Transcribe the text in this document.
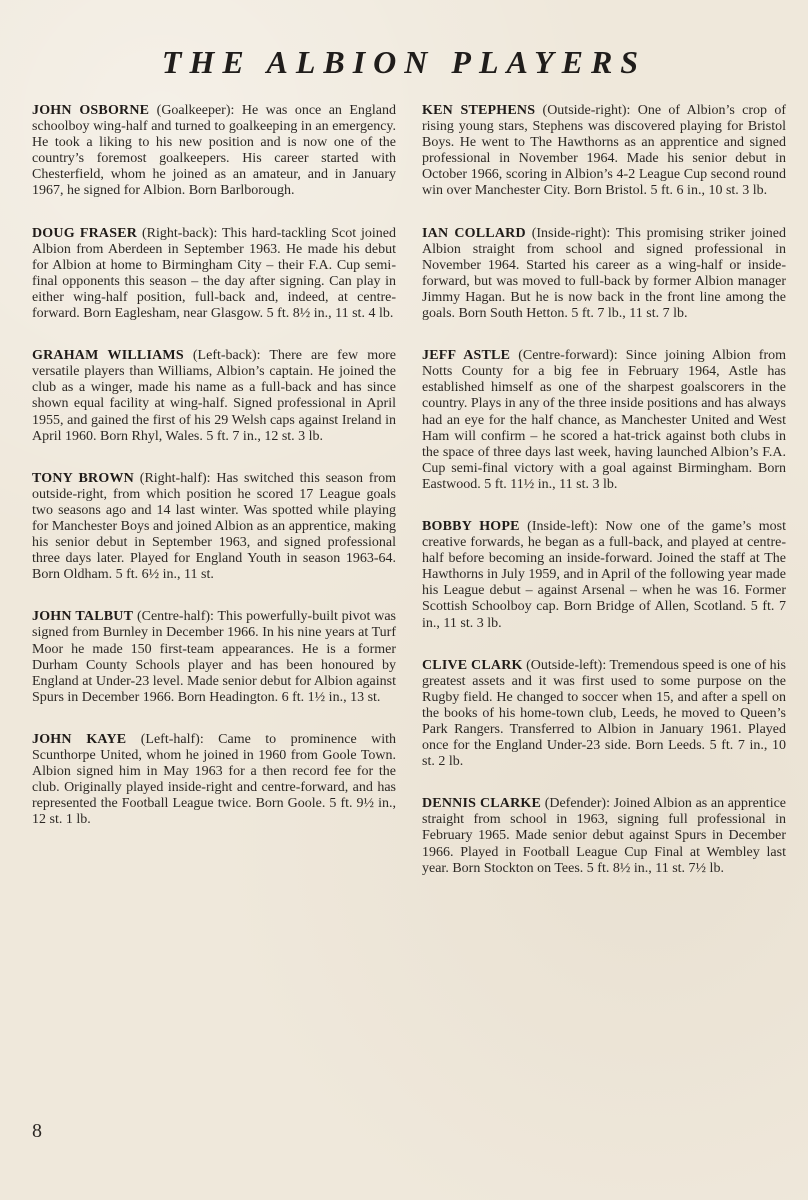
THE ALBION PLAYERS
JOHN OSBORNE (Goalkeeper): He was once an England schoolboy wing-half and turned to goalkeeping in an emergency. He took a liking to his new position and is now one of the country’s foremost goalkeepers. His career started with Chesterfield, whom he joined as an amateur, and in January 1967, he signed for Albion. Born Barlborough.
DOUG FRASER (Right-back): This hard-tackling Scot joined Albion from Aberdeen in September 1963. He made his debut for Albion at home to Birmingham City – their F.A. Cup semi-final opponents this season – the day after signing. Can play in either wing-half position, full-back and, indeed, at centre-forward. Born Eaglesham, near Glasgow. 5 ft. 8½ in., 11 st. 4 lb.
GRAHAM WILLIAMS (Left-back): There are few more versatile players than Williams, Albion’s captain. He joined the club as a winger, made his name as a full-back and has since shown equal facility at wing-half. Signed professional in April 1955, and gained the first of his 29 Welsh caps against Ireland in April 1960. Born Rhyl, Wales. 5 ft. 7 in., 12 st. 3 lb.
TONY BROWN (Right-half): Has switched this season from outside-right, from which position he scored 17 League goals two seasons ago and 14 last winter. Was spotted while playing for Manchester Boys and joined Albion as an apprentice, making his senior debut in September 1963, and signed professional three days later. Played for England Youth in season 1963-64. Born Oldham. 5 ft. 6½ in., 11 st.
JOHN TALBUT (Centre-half): This powerfully-built pivot was signed from Burnley in December 1966. In his nine years at Turf Moor he made 150 first-team appearances. He is a former Durham County Schools player and has been honoured by England at Under-23 level. Made senior debut for Albion against Spurs in December 1966. Born Headington. 6 ft. 1½ in., 13 st.
JOHN KAYE (Left-half): Came to prominence with Scunthorpe United, whom he joined in 1960 from Goole Town. Albion signed him in May 1963 for a then record fee for the club. Originally played inside-right and centre-forward, and has represented the Football League twice. Born Goole. 5 ft. 9½ in., 12 st. 1 lb.
KEN STEPHENS (Outside-right): One of Albion’s crop of rising young stars, Stephens was discovered playing for Bristol Boys. He went to The Hawthorns as an apprentice and signed professional in November 1964. Made his senior debut in October 1966, scoring in Albion’s 4-2 League Cup second round win over Manchester City. Born Bristol. 5 ft. 6 in., 10 st. 3 lb.
IAN COLLARD (Inside-right): This promising striker joined Albion straight from school and signed professional in November 1964. Started his career as a wing-half or inside-forward, but was moved to full-back by former Albion manager Jimmy Hagan. But he is now back in the front line among the goals. Born South Hetton. 5 ft. 7 lb., 11 st. 7 lb.
JEFF ASTLE (Centre-forward): Since joining Albion from Notts County for a big fee in February 1964, Astle has established himself as one of the sharpest goalscorers in the country. Plays in any of the three inside positions and has always had an eye for the half chance, as Manchester United and West Ham will confirm – he scored a hat-trick against both clubs in the space of three days last week, having launched Albion’s F.A. Cup semi-final victory with a goal against Birmingham. Born Eastwood. 5 ft. 11½ in., 11 st. 3 lb.
BOBBY HOPE (Inside-left): Now one of the game’s most creative forwards, he began as a full-back, and played at centre-half before becoming an inside-forward. Joined the staff at The Hawthorns in July 1959, and in April of the following year made his League debut – against Arsenal – when he was 16. Former Scottish Schoolboy cap. Born Bridge of Allen, Scotland. 5 ft. 7 in., 11 st. 3 lb.
CLIVE CLARK (Outside-left): Tremendous speed is one of his greatest assets and it was first used to some purpose on the Rugby field. He changed to soccer when 15, and after a spell on the books of his home-town club, Leeds, he moved to Queen’s Park Rangers. Transferred to Albion in January 1961. Played once for the England Under-23 side. Born Leeds. 5 ft. 7 in., 10 st. 2 lb.
DENNIS CLARKE (Defender): Joined Albion as an apprentice straight from school in 1963, signing full professional in February 1965. Made senior debut against Spurs in December 1966. Played in Football League Cup Final at Wembley last year. Born Stockton on Tees. 5 ft. 8½ in., 11 st. 7½ lb.
8
